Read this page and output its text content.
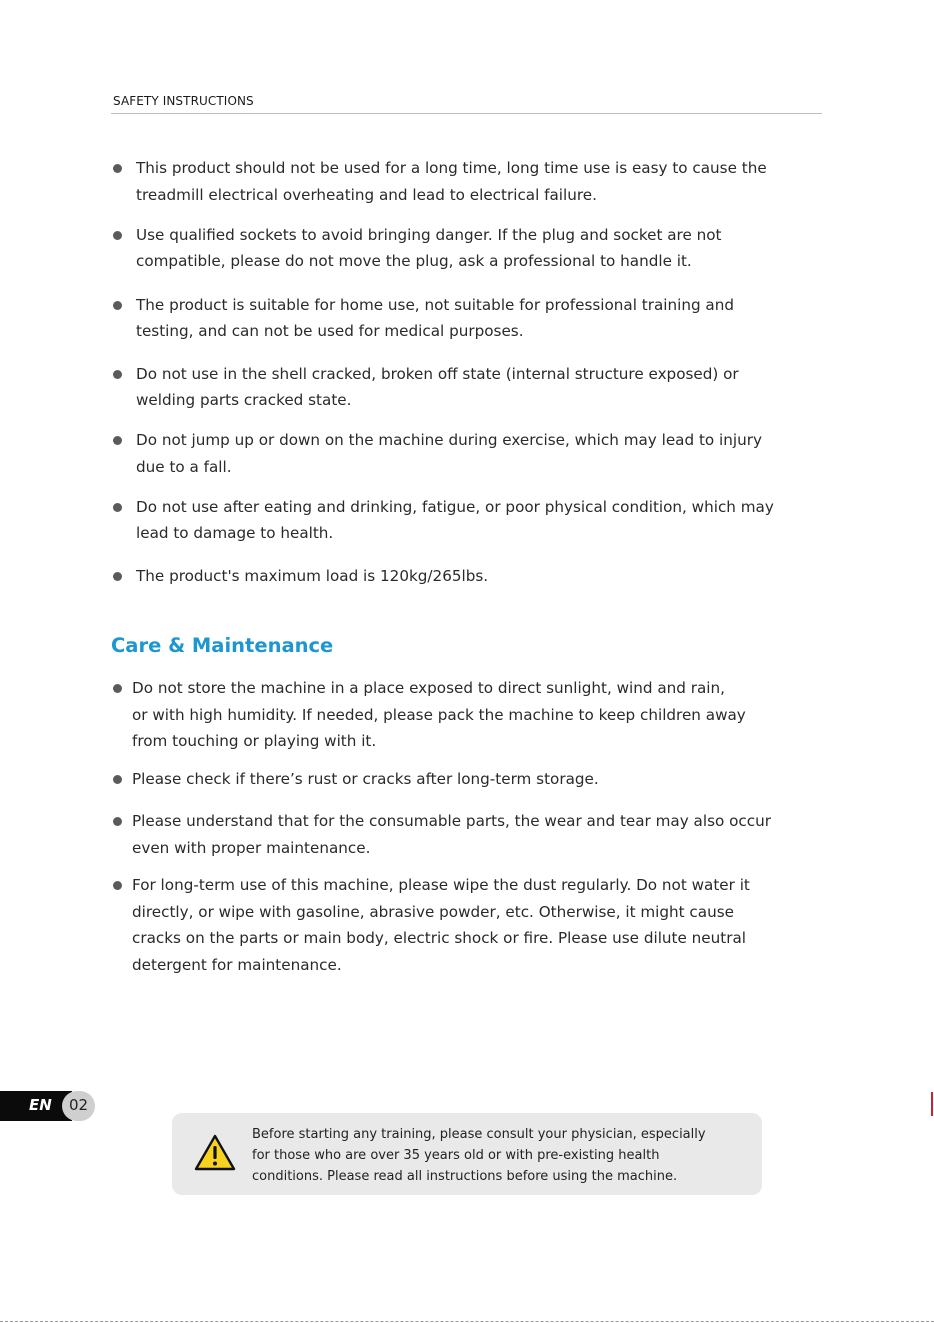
SAFETY INSTRUCTIONS
This product should not be used for a long time, long time use is easy to cause the
treadmill electrical overheating and lead to electrical failure.
Use qualified sockets to avoid bringing danger. If the plug and socket are not
compatible, please do not move the plug, ask a professional to handle it.
The product is suitable for home use, not suitable for professional training and
testing, and can not be used for medical purposes.
Do not use in the shell cracked, broken off state (internal structure exposed) or
welding parts cracked state.
Do not jump up or down on the machine during exercise, which may lead to injury
due to a fall.
Do not use after eating and drinking, fatigue, or poor physical condition, which may
lead to damage to health.
The product's maximum load is 120kg/265lbs.
Care & Maintenance
Do not store the machine in a place exposed to direct sunlight, wind and rain,
or with high humidity. If needed, please pack the machine to keep children away
from touching or playing with it.
Please check if there’s rust or cracks after long-term storage.
Please understand that for the consumable parts, the wear and tear may also occur
even with proper maintenance.
For long-term use of this machine, please wipe the dust regularly. Do not water it
directly, or wipe with gasoline, abrasive powder, etc. Otherwise, it might cause
cracks on the parts or main body, electric shock or fire. Please use dilute neutral
detergent for maintenance.
EN	02
Before starting any training, please consult your physician, especially
for those who are over 35 years old or with pre-existing health
conditions. Please read all instructions before using the machine.
